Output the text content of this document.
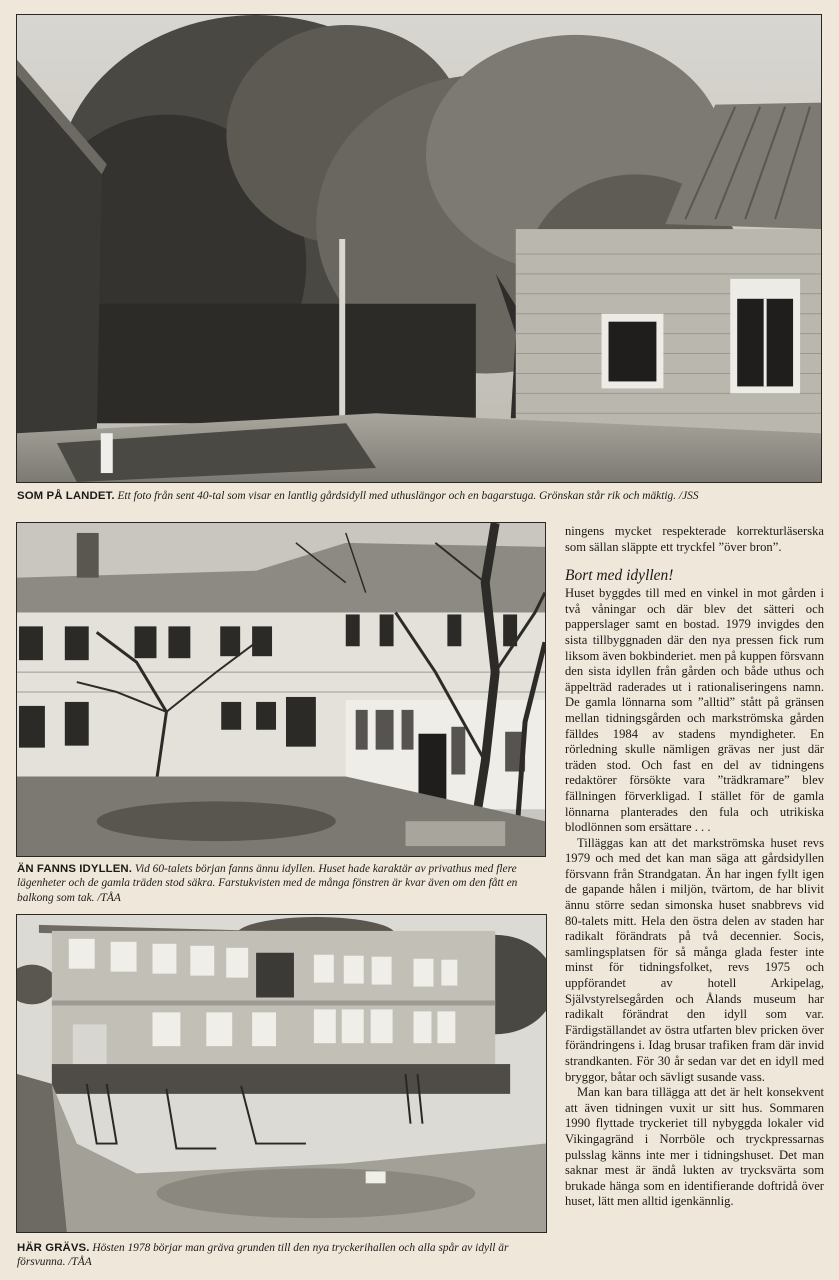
SOM PÅ LANDET. Ett foto från sent 40-tal som visar en lantlig gårdsidyll med uthuslängor och en bagarstuga. Grönskan står rik och mäktig. /JSS
ÄN FANNS IDYLLEN. Vid 60-talets början fanns ännu idyllen. Huset hade karaktär av privathus med flere lägenheter och de gamla träden stod säkra. Farstukvisten med de många fönstren är kvar även om den fått en balkong som tak. /TÅA
HÄR GRÄVS. Hösten 1978 börjar man gräva grunden till den nya tryckerihallen och alla spår av idyll är försvunna. /TÅA

ningens mycket respekterade korrekturläserska som sällan släppte ett tryckfel ”över bron”.

Bort med idyllen!

Huset byggdes till med en vinkel in mot gården i två våningar och där blev det sätteri och papperslager samt en bostad. 1979 invigdes den sista tillbyggnaden där den nya pressen fick rum liksom även bokbinderiet. men på kuppen försvann den sista idyllen från gården och både uthus och äppelträd raderades ut i rationaliseringens namn. De gamla lönnarna som ”alltid” stått på gränsen mellan tidningsgården och markströmska gården fälldes 1984 av stadens myndigheter. En rörledning skulle nämligen grävas ner just där träden stod. Och fast en del av tidningens redaktörer försökte vara ”trädkramare” blev fällningen förverkligad. I stället för de gamla lönnarna planterades den fula och utrikiska blodlönnen som ersättare . . .

Tilläggas kan att det markströmska huset revs 1979 och med det kan man säga att gårdsidyllen försvann från Strandgatan. Än har ingen fyllt igen de gapande hålen i miljön, tvärtom, de har blivit ännu större sedan simonska huset snabbrevs vid 80-talets mitt. Hela den östra delen av staden har radikalt förändrats på två decennier. Socis, samlingsplatsen för så många glada fester inte minst för tidningsfolket, revs 1975 och uppförandet av hotell Arkipelag, Självstyrelsegården och Ålands museum har radikalt förändrat den idyll som var. Färdigställandet av östra utfarten blev pricken över förändringens i. Idag brusar trafiken fram där invid strandkanten. För 30 år sedan var det en idyll med bryggor, båtar och sävligt susande vass.

Man kan bara tillägga att det är helt konsekvent att även tidningen vuxit ur sitt hus. Sommaren 1990 flyttade tryckeriet till nybyggda lokaler vid Vikingagränd i Norrböle och tryckpressarnas pulsslag känns inte mer i tidningshuset. Det man saknar mest är ändå lukten av trycksvärta som brukade hänga som en identifierande doftridå över huset, lätt men alltid igenkännlig.
